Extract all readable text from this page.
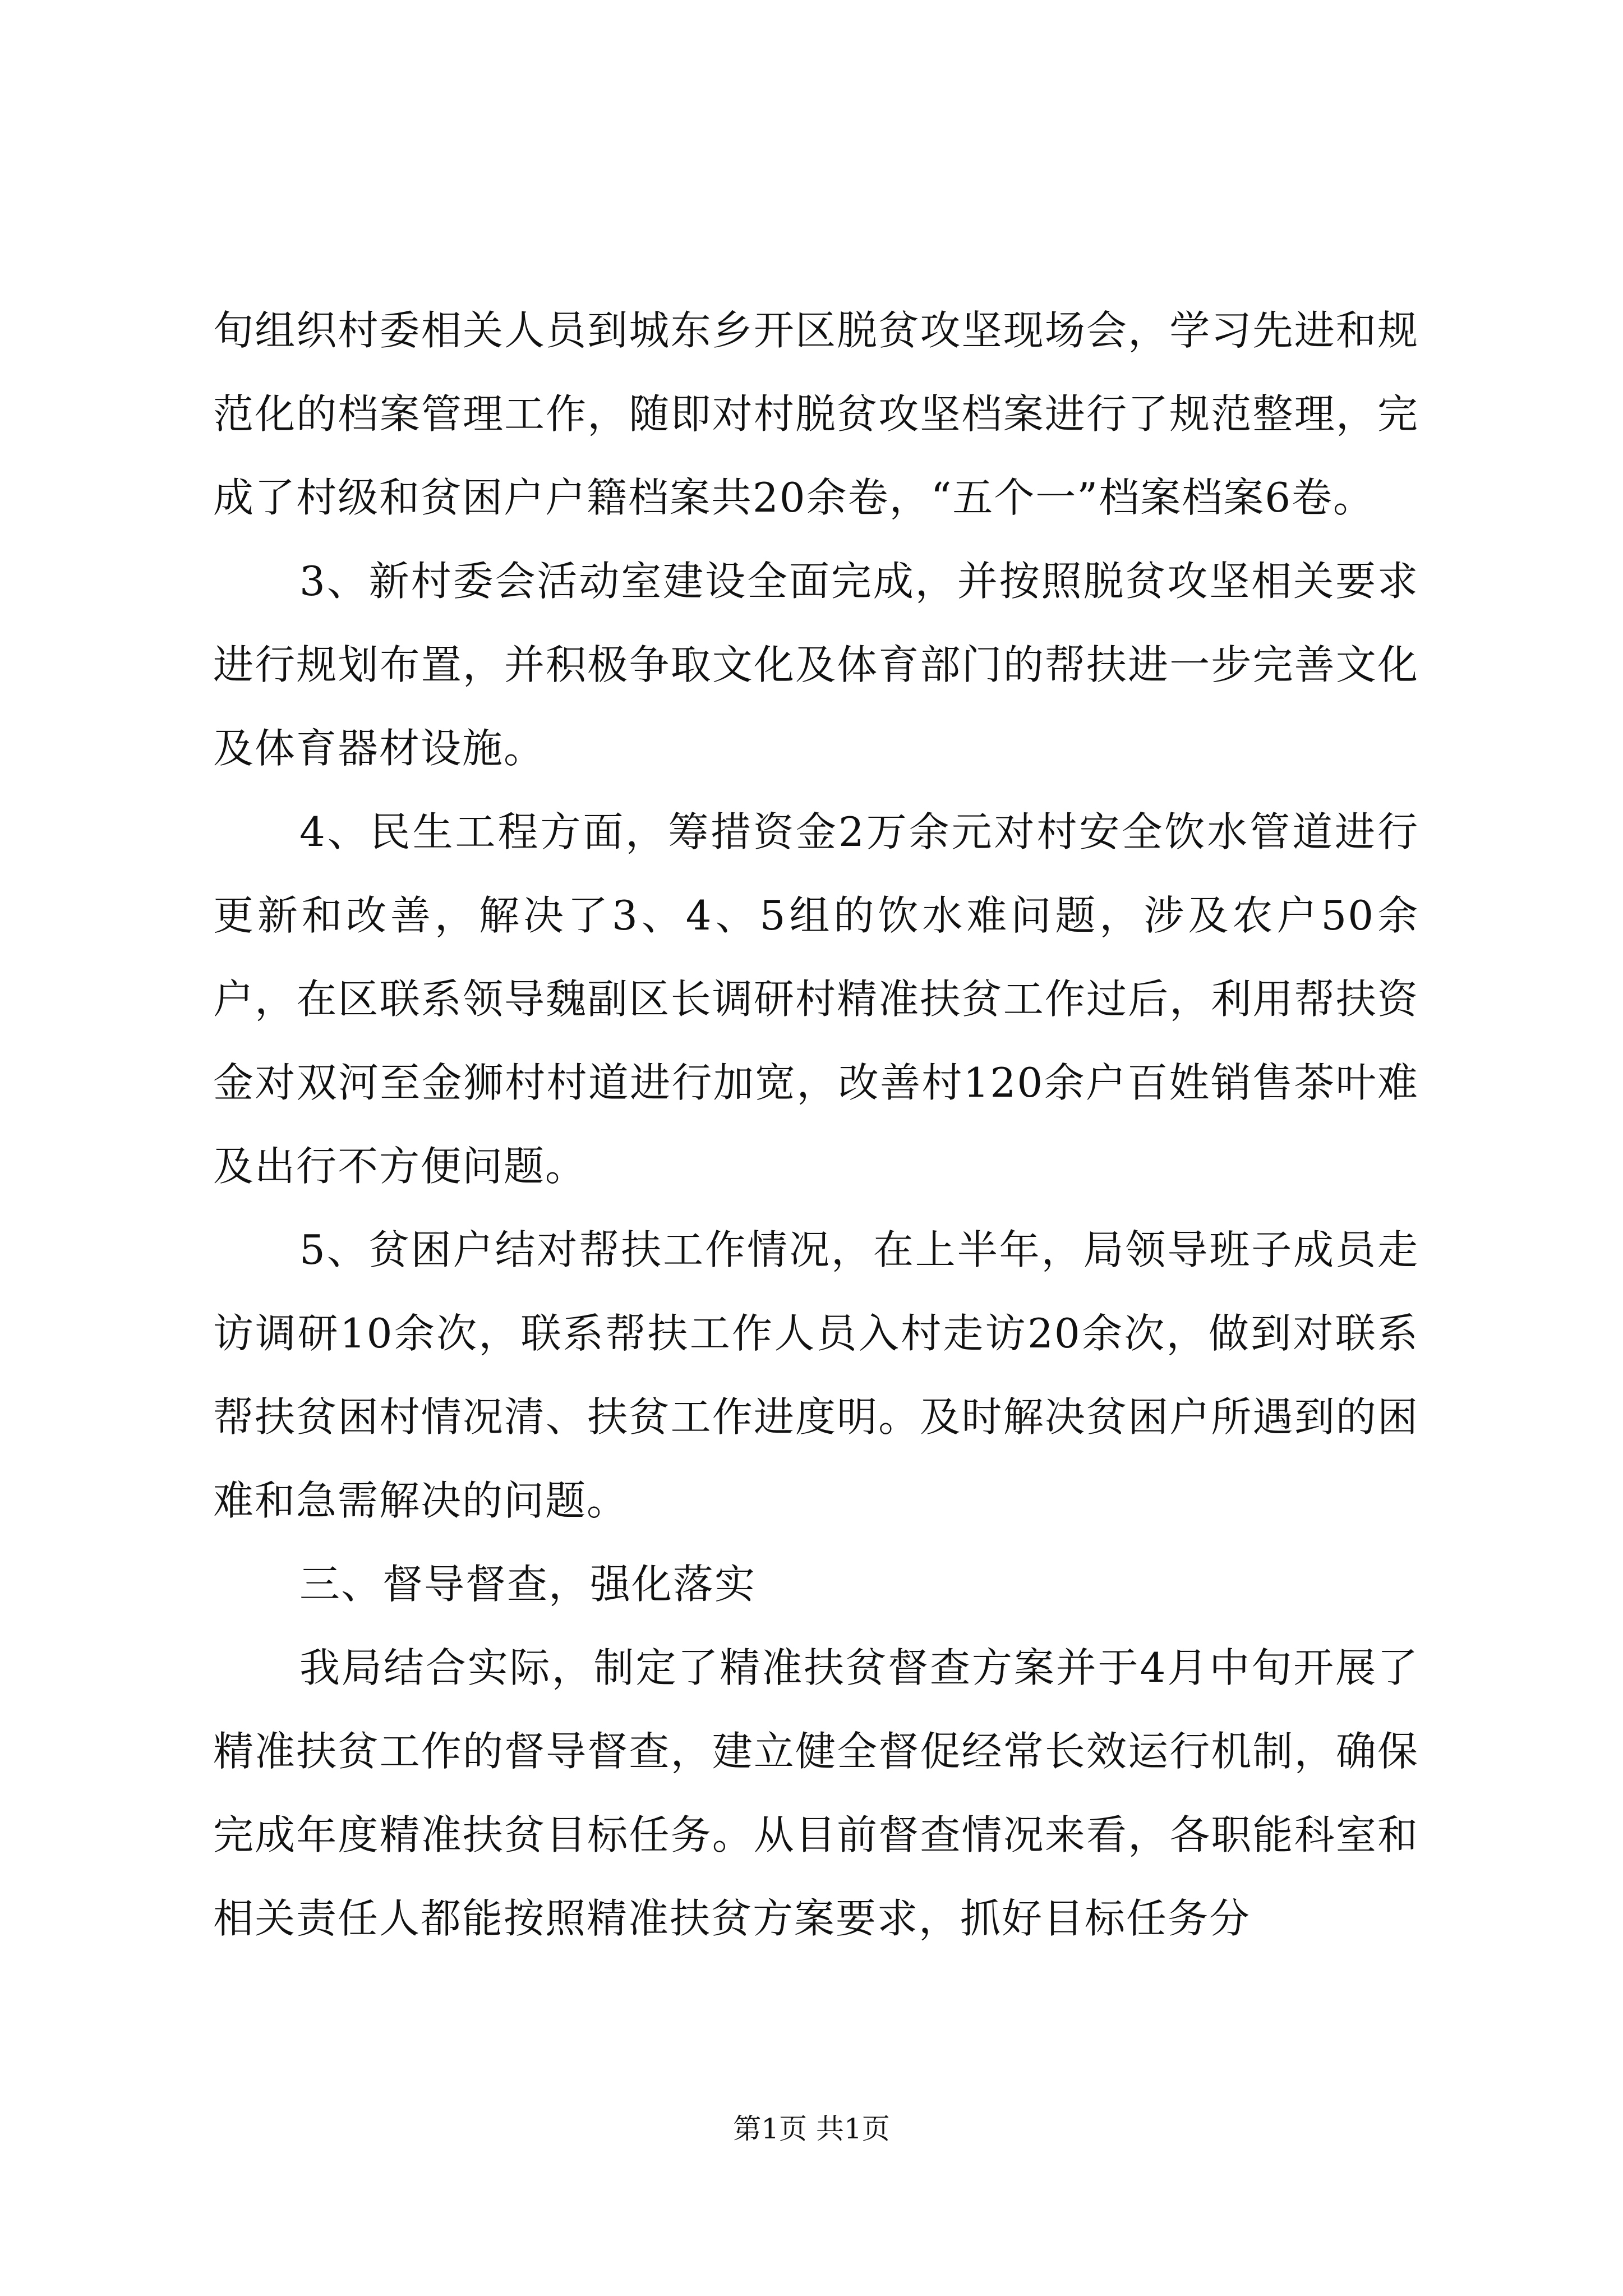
旬组织村委相关人员到城东乡开区脱贫攻坚现场会，学习先进和规范化的档案管理工作，随即对村脱贫攻坚档案进行了规范整理，完成了村级和贫困户户籍档案共20余卷，“五个一”档案档案6卷。

3、新村委会活动室建设全面完成，并按照脱贫攻坚相关要求进行规划布置，并积极争取文化及体育部门的帮扶进一步完善文化及体育器材设施。

4、民生工程方面，筹措资金2万余元对村安全饮水管道进行更新和改善，解决了3、4、5组的饮水难问题，涉及农户50余户，在区联系领导魏副区长调研村精准扶贫工作过后，利用帮扶资金对双河至金狮村村道进行加宽，改善村120余户百姓销售茶叶难及出行不方便问题。

5、贫困户结对帮扶工作情况，在上半年，局领导班子成员走访调研10余次，联系帮扶工作人员入村走访20余次，做到对联系帮扶贫困村情况清、扶贫工作进度明。及时解决贫困户所遇到的困难和急需解决的问题。

三、督导督查，强化落实

我局结合实际，制定了精准扶贫督查方案并于4月中旬开展了精准扶贫工作的督导督查，建立健全督促经常长效运行机制，确保完成年度精准扶贫目标任务。从目前督查情况来看，各职能科室和相关责任人都能按照精准扶贫方案要求，抓好目标任务分

第1页 共1页
